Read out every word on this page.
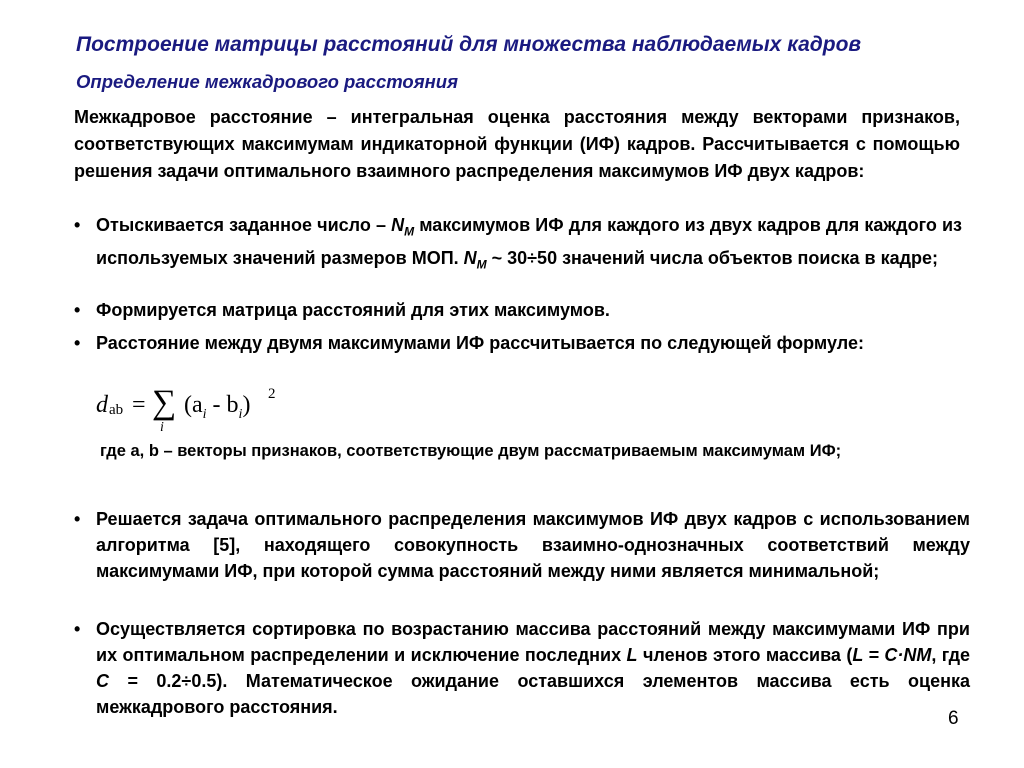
Построение матрицы расстояний для множества наблюдаемых кадров
Определение межкадрового расстояния
Межкадровое расстояние – интегральная оценка расстояния между векторами признаков, соответствующих максимумам индикаторной функции (ИФ) кадров. Рассчитывается с помощью решения задачи оптимального взаимного распределения максимумов ИФ двух кадров:
• Отыскивается заданное число – $N_M$ максимумов ИФ для каждого из двух кадров для каждого из используемых значений размеров МОП. $N_M$ ~ 30÷50 значений числа объектов поиска в кадре;
• Формируется матрица расстояний для этих максимумов.
• Расстояние между двумя максимумами ИФ рассчитывается по следующей формуле:
d ab = ∑
i
$(a_i - b_i)$ 2
где a, b – векторы признаков, соответствующие двум рассматриваемым максимумам ИФ;
• Решается задача оптимального распределения максимумов ИФ двух кадров с использованием алгоритма [5], находящего совокупность взаимно-однозначных соответствий между максимумами ИФ, при которой сумма расстояний между ними является минимальной;
• Осуществляется сортировка по возрастанию массива расстояний между максимумами ИФ при их оптимальном распределении и исключение последних L членов этого массива (L = C·NM, где C = 0.2÷0.5). Математическое ожидание оставшихся элементов массива есть оценка межкадрового расстояния.
6
